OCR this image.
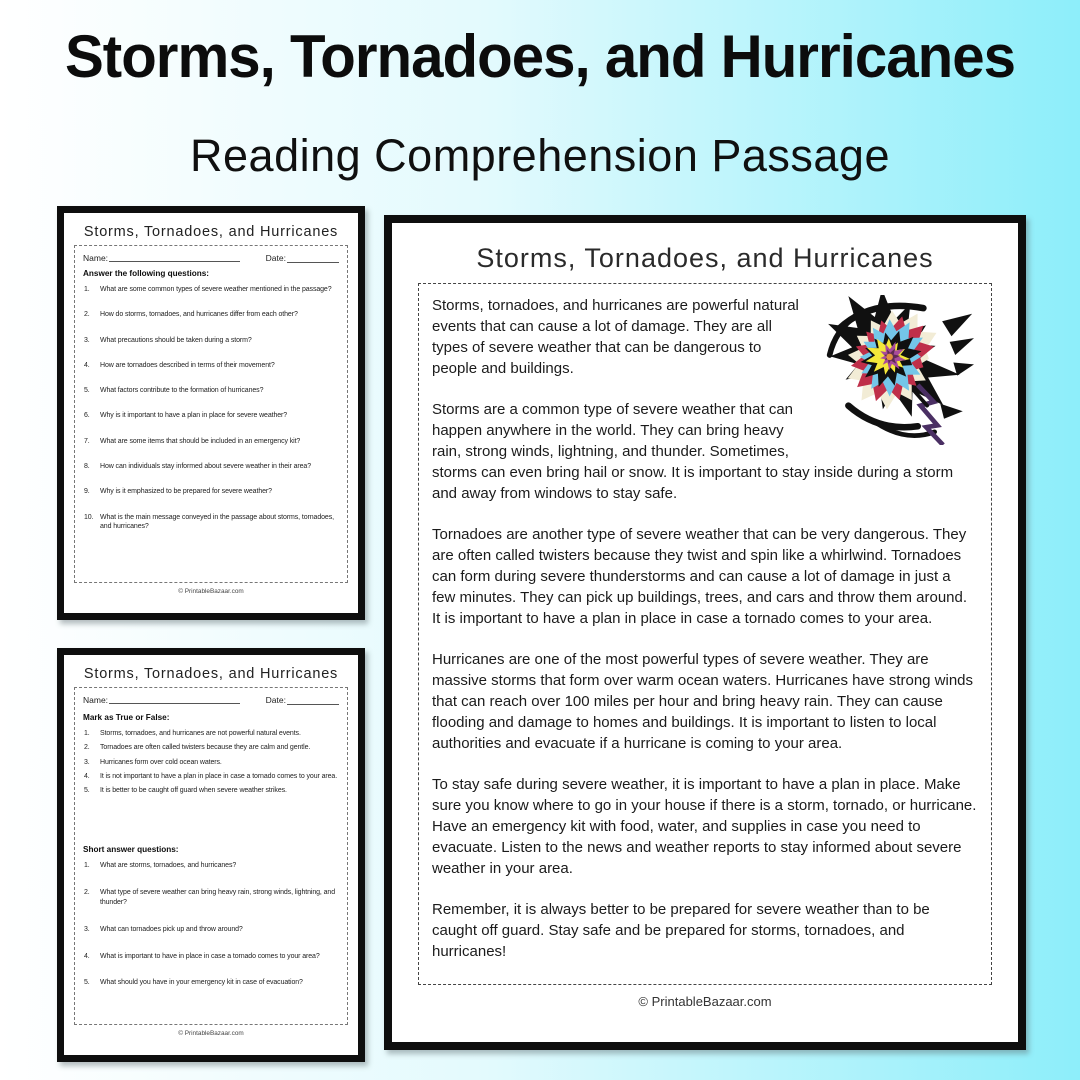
Storms, Tornadoes, and Hurricanes
Reading Comprehension Passage
Storms, Tornadoes, and Hurricanes
Name:	Date:
Answer the following questions:
What are some common types of severe weather mentioned in the passage?
How do storms, tornadoes, and hurricanes differ from each other?
What precautions should be taken during a storm?
How are tornadoes described in terms of their movement?
What factors contribute to the formation of hurricanes?
Why is it important to have a plan in place for severe weather?
What are some items that should be included in an emergency kit?
How can individuals stay informed about severe weather in their area?
Why is it emphasized to be prepared for severe weather?
What is the main message conveyed in the passage about storms, tornadoes, and hurricanes?
© PrintableBazaar.com
Storms, Tornadoes, and Hurricanes
Name:	Date:
Mark as True or False:
Storms, tornadoes, and hurricanes are not powerful natural events.
Tornadoes are often called twisters because they are calm and gentle.
Hurricanes form over cold ocean waters.
It is not important to have a plan in place in case a tornado comes to your area.
It is better to be caught off guard when severe weather strikes.
Short answer questions:
What are storms, tornadoes, and hurricanes?
What type of severe weather can bring heavy rain, strong winds, lightning, and thunder?
What can tornadoes pick up and throw around?
What is important to have in place in case a tornado comes to your area?
What should you have in your emergency kit in case of evacuation?
© PrintableBazaar.com
Storms, Tornadoes, and Hurricanes

Storms, tornadoes, and hurricanes are powerful natural events that can cause a lot of damage. They are all types of severe weather that can be dangerous to people and buildings.

Storms are a common type of severe weather that can happen anywhere in the world. They can bring heavy rain, strong winds, lightning, and thunder. Sometimes, storms can even bring hail or snow. It is important to stay inside during a storm and away from windows to stay safe.

Tornadoes are another type of severe weather that can be very dangerous. They are often called twisters because they twist and spin like a whirlwind. Tornadoes can form during severe thunderstorms and can cause a lot of damage in just a few minutes. They can pick up buildings, trees, and cars and throw them around. It is important to have a plan in place in case a tornado comes to your area.

Hurricanes are one of the most powerful types of severe weather. They are massive storms that form over warm ocean waters. Hurricanes have strong winds that can reach over 100 miles per hour and bring heavy rain. They can cause flooding and damage to homes and buildings. It is important to listen to local authorities and evacuate if a hurricane is coming to your area.

To stay safe during severe weather, it is important to have a plan in place. Make sure you know where to go in your house if there is a storm, tornado, or hurricane. Have an emergency kit with food, water, and supplies in case you need to evacuate. Listen to the news and weather reports to stay informed about severe weather in your area.

Remember, it is always better to be prepared for severe weather than to be caught off guard. Stay safe and be prepared for storms, tornadoes, and hurricanes!

© PrintableBazaar.com
